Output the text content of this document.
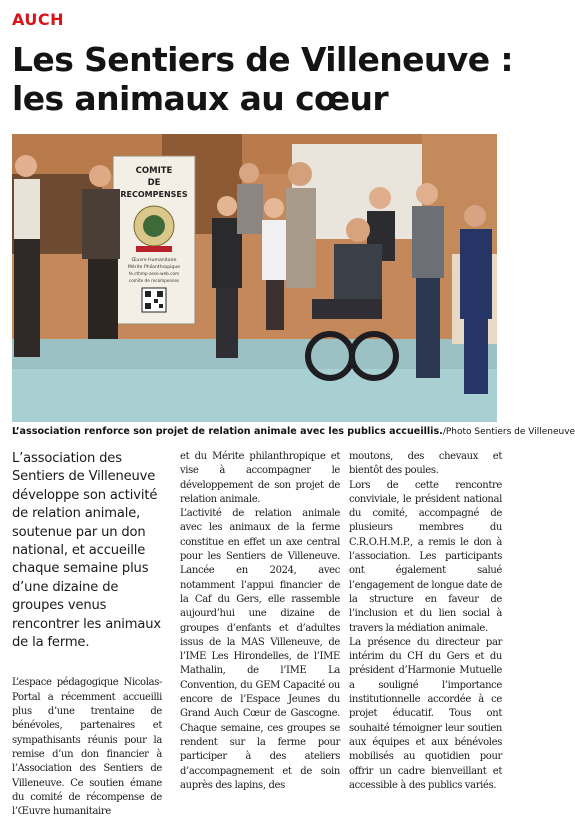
AUCH
Les Sentiers de Villeneuve :
les animaux au cœur
COMITE
DE
RECOMPENSES
Œuvre Humanitaire
Mérite Philanthropique
fe.cthmp-asso-web.com
comite de recompenses
L’association renforce son projet de relation animale avec les publics accueillis./Photo Sentiers de Villeneuve

L’association des Sentiers de Villeneuve développe son activité de relation animale, soutenue par un don national, et accueille chaque semaine plus d’une dizaine de groupes venus rencontrer les animaux de la ferme.

L’espace pédagogique Nicolas-Portal a récemment accueilli plus d’une trentaine de bénévoles, partenaires et sympathisants réunis pour la remise d’un don financier à l’Association des Sentiers de Villeneuve. Ce soutien émane du comité de récompense de l’Œuvre humanitaire

et du Mérite philanthropique et vise à accompagner le développement de son projet de relation animale.

L’activité de relation animale avec les animaux de la ferme constitue en effet un axe central pour les Sentiers de Villeneuve. Lancée en 2024, avec notamment l’appui financier de la Caf du Gers, elle rassemble aujourd’hui une dizaine de groupes d’enfants et d’adultes issus de la MAS Villeneuve, de l’IME Les Hirondelles, de l’IME Mathalin, de l’IME La Convention, du GEM Capacité ou encore de l’Espace Jeunes du Grand Auch Cœur de Gascogne. Chaque semaine, ces groupes se rendent sur la ferme pour participer à des ateliers d’accompagnement et de soin auprès des lapins, des

moutons, des chevaux et bientôt des poules.

Lors de cette rencontre conviviale, le président national du comité, accompagné de plusieurs membres du C.R.O.H.M.P., a remis le don à l’association. Les participants ont également salué l’engagement de longue date de la structure en faveur de l’inclusion et du lien social à travers la médiation animale.

La présence du directeur par intérim du CH du Gers et du président d’Harmonie Mutuelle a souligné l’importance institutionnelle accordée à ce projet éducatif. Tous ont souhaité témoigner leur soutien aux équipes et aux bénévoles mobilisés au quotidien pour offrir un cadre bienveillant et accessible à des publics variés.
